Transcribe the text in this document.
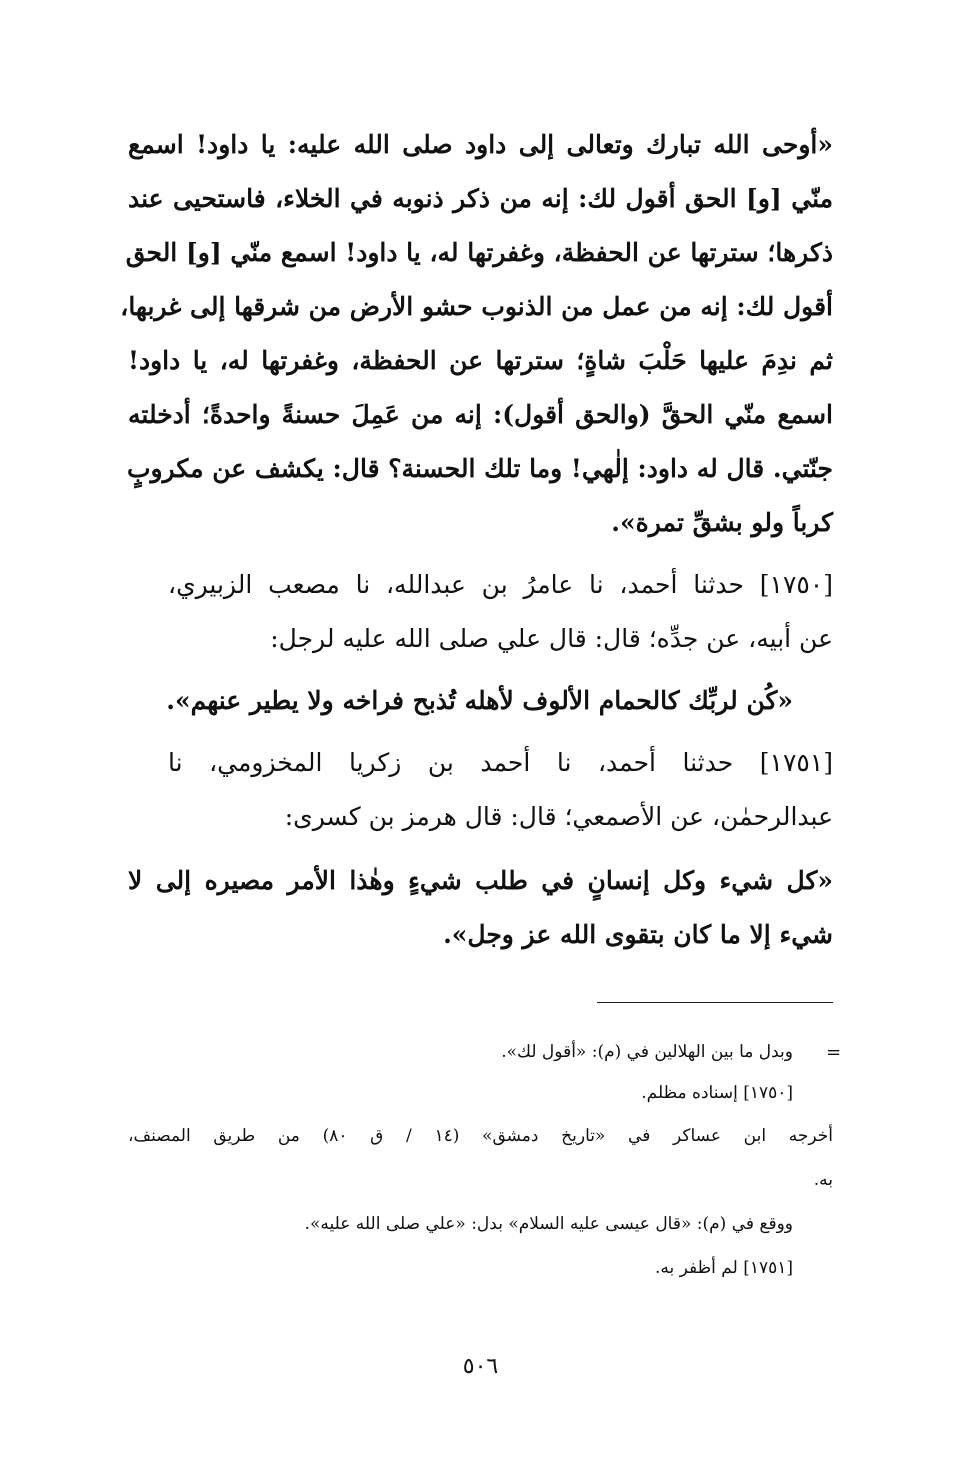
«أوحى الله تبارك وتعالى إلى داود صلى الله عليه: يا داود! اسمع
منّي [و] الحق أقول لك: إنه من ذكر ذنوبه في الخلاء، فاستحيى عند
ذكرها؛ سترتها عن الحفظة، وغفرتها له، يا داود! اسمع منّي [و] الحق
أقول لك: إنه من عمل من الذنوب حشو الأرض من شرقها إلى غربها،
ثم ندِمَ عليها حَلْبَ شاةٍ؛ سترتها عن الحفظة، وغفرتها له، يا داود!
اسمع منّي الحقَّ (والحق أقول): إنه من عَمِلَ حسنةً واحدةً؛ أدخلته
جنّتي. قال له داود: إلٰهي! وما تلك الحسنة؟ قال: يكشف عن مكروبٍ
كرباً ولو بشقِّ تمرة».
[١٧٥٠] حدثنا أحمد، نا عامرُ بن عبدالله، نا مصعب الزبيري،
عن أبيه، عن جدِّه؛ قال: قال علي صلى الله عليه لرجل:
«كُن لربِّك كالحمام الألوف لأهله تُذبح فراخه ولا يطير عنهم».
[١٧٥١] حدثنا أحمد، نا أحمد بن زكريا المخزومي، نا
عبدالرحمٰن، عن الأصمعي؛ قال: قال هرمز بن كسرى:
«كل شيء وكل إنسانٍ في طلب شيءٍ وهٰذا الأمر مصيره إلى لا
شيء إلا ما كان بتقوى الله عز وجل».
=
وبدل ما بين الهلالين في (م): «أقول لك».
[١٧٥٠] إسناده مظلم.
أخرجه ابن عساكر في «تاريخ دمشق» (١٤ / ق ٨٠) من طريق المصنف،
به.
ووقع في (م): «قال عيسى عليه السلام» بدل: «علي صلى الله عليه».
[١٧٥١] لم أظفر به.
٥٠٦
